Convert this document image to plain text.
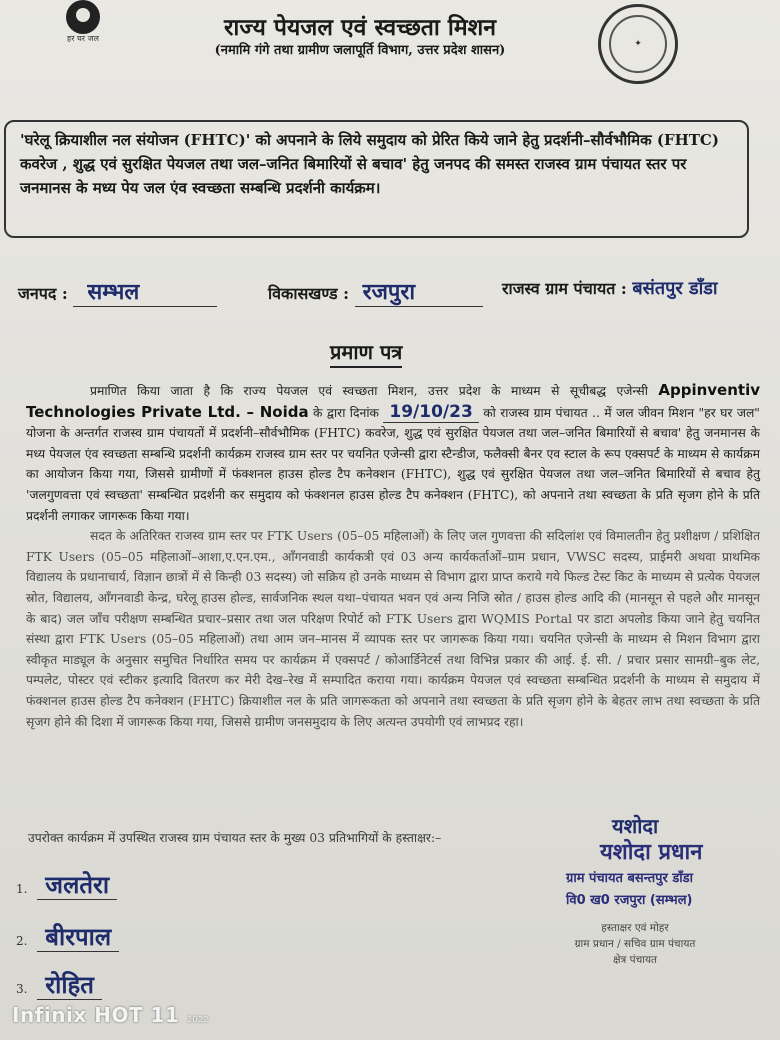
हर घर जल	राज्य पेयजल एवं स्वच्छता मिशन
(नमामि गंगे तथा ग्रामीण जलापूर्ति विभाग, उत्तर प्रदेश शासन)	✦
'घरेलू क्रियाशील नल संयोजन (FHTC)' को अपनाने के लिये समुदाय को प्रेरित किये जाने हेतु प्रदर्शनी–सौर्वभौमिक (FHTC) कवरेज , शुद्ध एवं सुरक्षित पेयजल तथा जल–जनित बिमारियों से बचाव' हेतु जनपद की समस्त राजस्व ग्राम पंचायत स्तर पर जनमानस के मध्य पेय जल एंव स्वच्छता सम्बन्धि प्रदर्शनी कार्यक्रम।
जनपद : सम्भल	विकासखण्ड : रजपुरा	राजस्व ग्राम पंचायत : बसंतपुर डाँडा
प्रमाण पत्र

प्रमाणित किया जाता है कि राज्य पेयजल एवं स्वच्छता मिशन, उत्तर प्रदेश के माध्यम से सूचीबद्ध एजेन्सी Appinventiv Technologies Private Ltd. – Noida के द्वारा दिनांक 19/10/23 को राजस्व ग्राम पंचायत .. में जल जीवन मिशन "हर घर जल" योजना के अन्तर्गत राजस्व ग्राम पंचायतों में प्रदर्शनी–सौर्वभौमिक (FHTC) कवरेज, शुद्ध एवं सुरक्षित पेयजल तथा जल–जनित बिमारियों से बचाव' हेतु जनमानस के मध्य पेयजल एंव स्वच्छता सम्बन्धि प्रदर्शनी कार्यक्रम राजस्व ग्राम स्तर पर चयनित एजेन्सी द्वारा स्टैन्डीज, फलैक्सी बैनर एव स्टाल के रूप एक्सपर्ट के माध्यम से कार्यक्रम का आयोजन किया गया, जिससे ग्रामीणों में फंक्शनल हाउस होल्ड टैप कनेक्शन (FHTC), शुद्ध एवं सुरक्षित पेयजल तथा जल–जनित बिमारियों से बचाव हेतु 'जलगुणवत्ता एवं स्वच्छता' सम्बन्धित प्रदर्शनी कर समुदाय को फंक्शनल हाउस होल्ड टैप कनेक्शन (FHTC), को अपनाने तथा स्वच्छता के प्रति सृजग होने के प्रति प्रदर्शनी लगाकर जागरूक किया गया।

सदत के अतिरिक्त राजस्व ग्राम स्तर पर FTK Users (05–05 महिलाओं) के लिए जल गुणवत्ता की सदिलांश एवं विमालतीन हेतु प्रशीक्षण / प्रशिक्षित FTK Users (05–05 महिलाओं–आशा,ए.एन.एम., आँगनवाडी कार्यकत्री एवं 03 अन्य कार्यकर्ताओं–ग्राम प्रधान, VWSC सदस्य, प्राईमरी अथवा प्राथमिक विद्यालय के प्रधानाचार्य, विज्ञान छात्रों में से किन्ही 03 सदस्य) जो सक्रिय हो उनके माध्यम से विभाग द्वारा प्राप्त कराये गये फिल्ड टेस्ट किट के माध्यम से प्रत्येक पेयजल स्रोत, विद्यालय, आँगनवाडी केन्द्र, घरेलू हाउस होल्ड, सार्वजनिक स्थल यथा–पंचायत भवन एवं अन्य निजि स्रोत / हाउस होल्ड आदि की (मानसून से पहले और मानसून के बाद) जल जाँच परीक्षण सम्बन्धित प्रचार–प्रसार तथा जल परिक्षण रिपोर्ट को FTK Users द्वारा WQMIS Portal पर डाटा अपलोड किया जाने हेतु चयनित संस्था द्वारा FTK Users (05–05 महिलाओं) तथा आम जन–मानस में व्यापक स्तर पर जागरूक किया गया। चयनित एजेन्सी के माध्यम से मिशन विभाग द्वारा स्वीकृत माड्यूल के अनुसार समुचित निर्धारित समय पर कार्यक्रम में एक्सपर्ट / कोआर्डिनेटर्स तथा विभिन्न प्रकार की आई. ई. सी. / प्रचार प्रसार सामग्री–बुक लेट, पम्पलेट, पोस्टर एवं स्टीकर इत्यादि वितरण कर मेरी देख–रेख में सम्पादित कराया गया। कार्यक्रम पेयजल एवं स्वच्छता सम्बन्धित प्रदर्शनी के माध्यम से समुदाय में फंक्शनल हाउस होल्ड टैप कनेक्शन (FHTC) क्रियाशील नल के प्रति जागरूकता को अपनाने तथा स्वच्छता के प्रति सृजग होने के बेहतर लाभ तथा स्वच्छता के प्रति सृजग होने की दिशा में जागरूक किया गया, जिससे ग्रामीण जनसमुदाय के लिए अत्यन्त उपयोगी एवं लाभप्रद रहा।

उपरोक्त कार्यक्रम में उपस्थित राजस्व ग्राम पंचायत स्तर के मुख्य 03 प्रतिभागियों के हस्ताक्षर:–
1. जलतेरा
2. बीरपाल
3. रोहित
यशोदा
यशोदा प्रधान
ग्राम पंचायत बसन्तपुर डाँडा
वि0 ख0 रजपुरा (सम्भल)
हस्ताक्षर एवं मोहर
ग्राम प्रधान / सचिव ग्राम पंचायत
क्षेत्र पंचायत
Infinix HOT 11 2022
